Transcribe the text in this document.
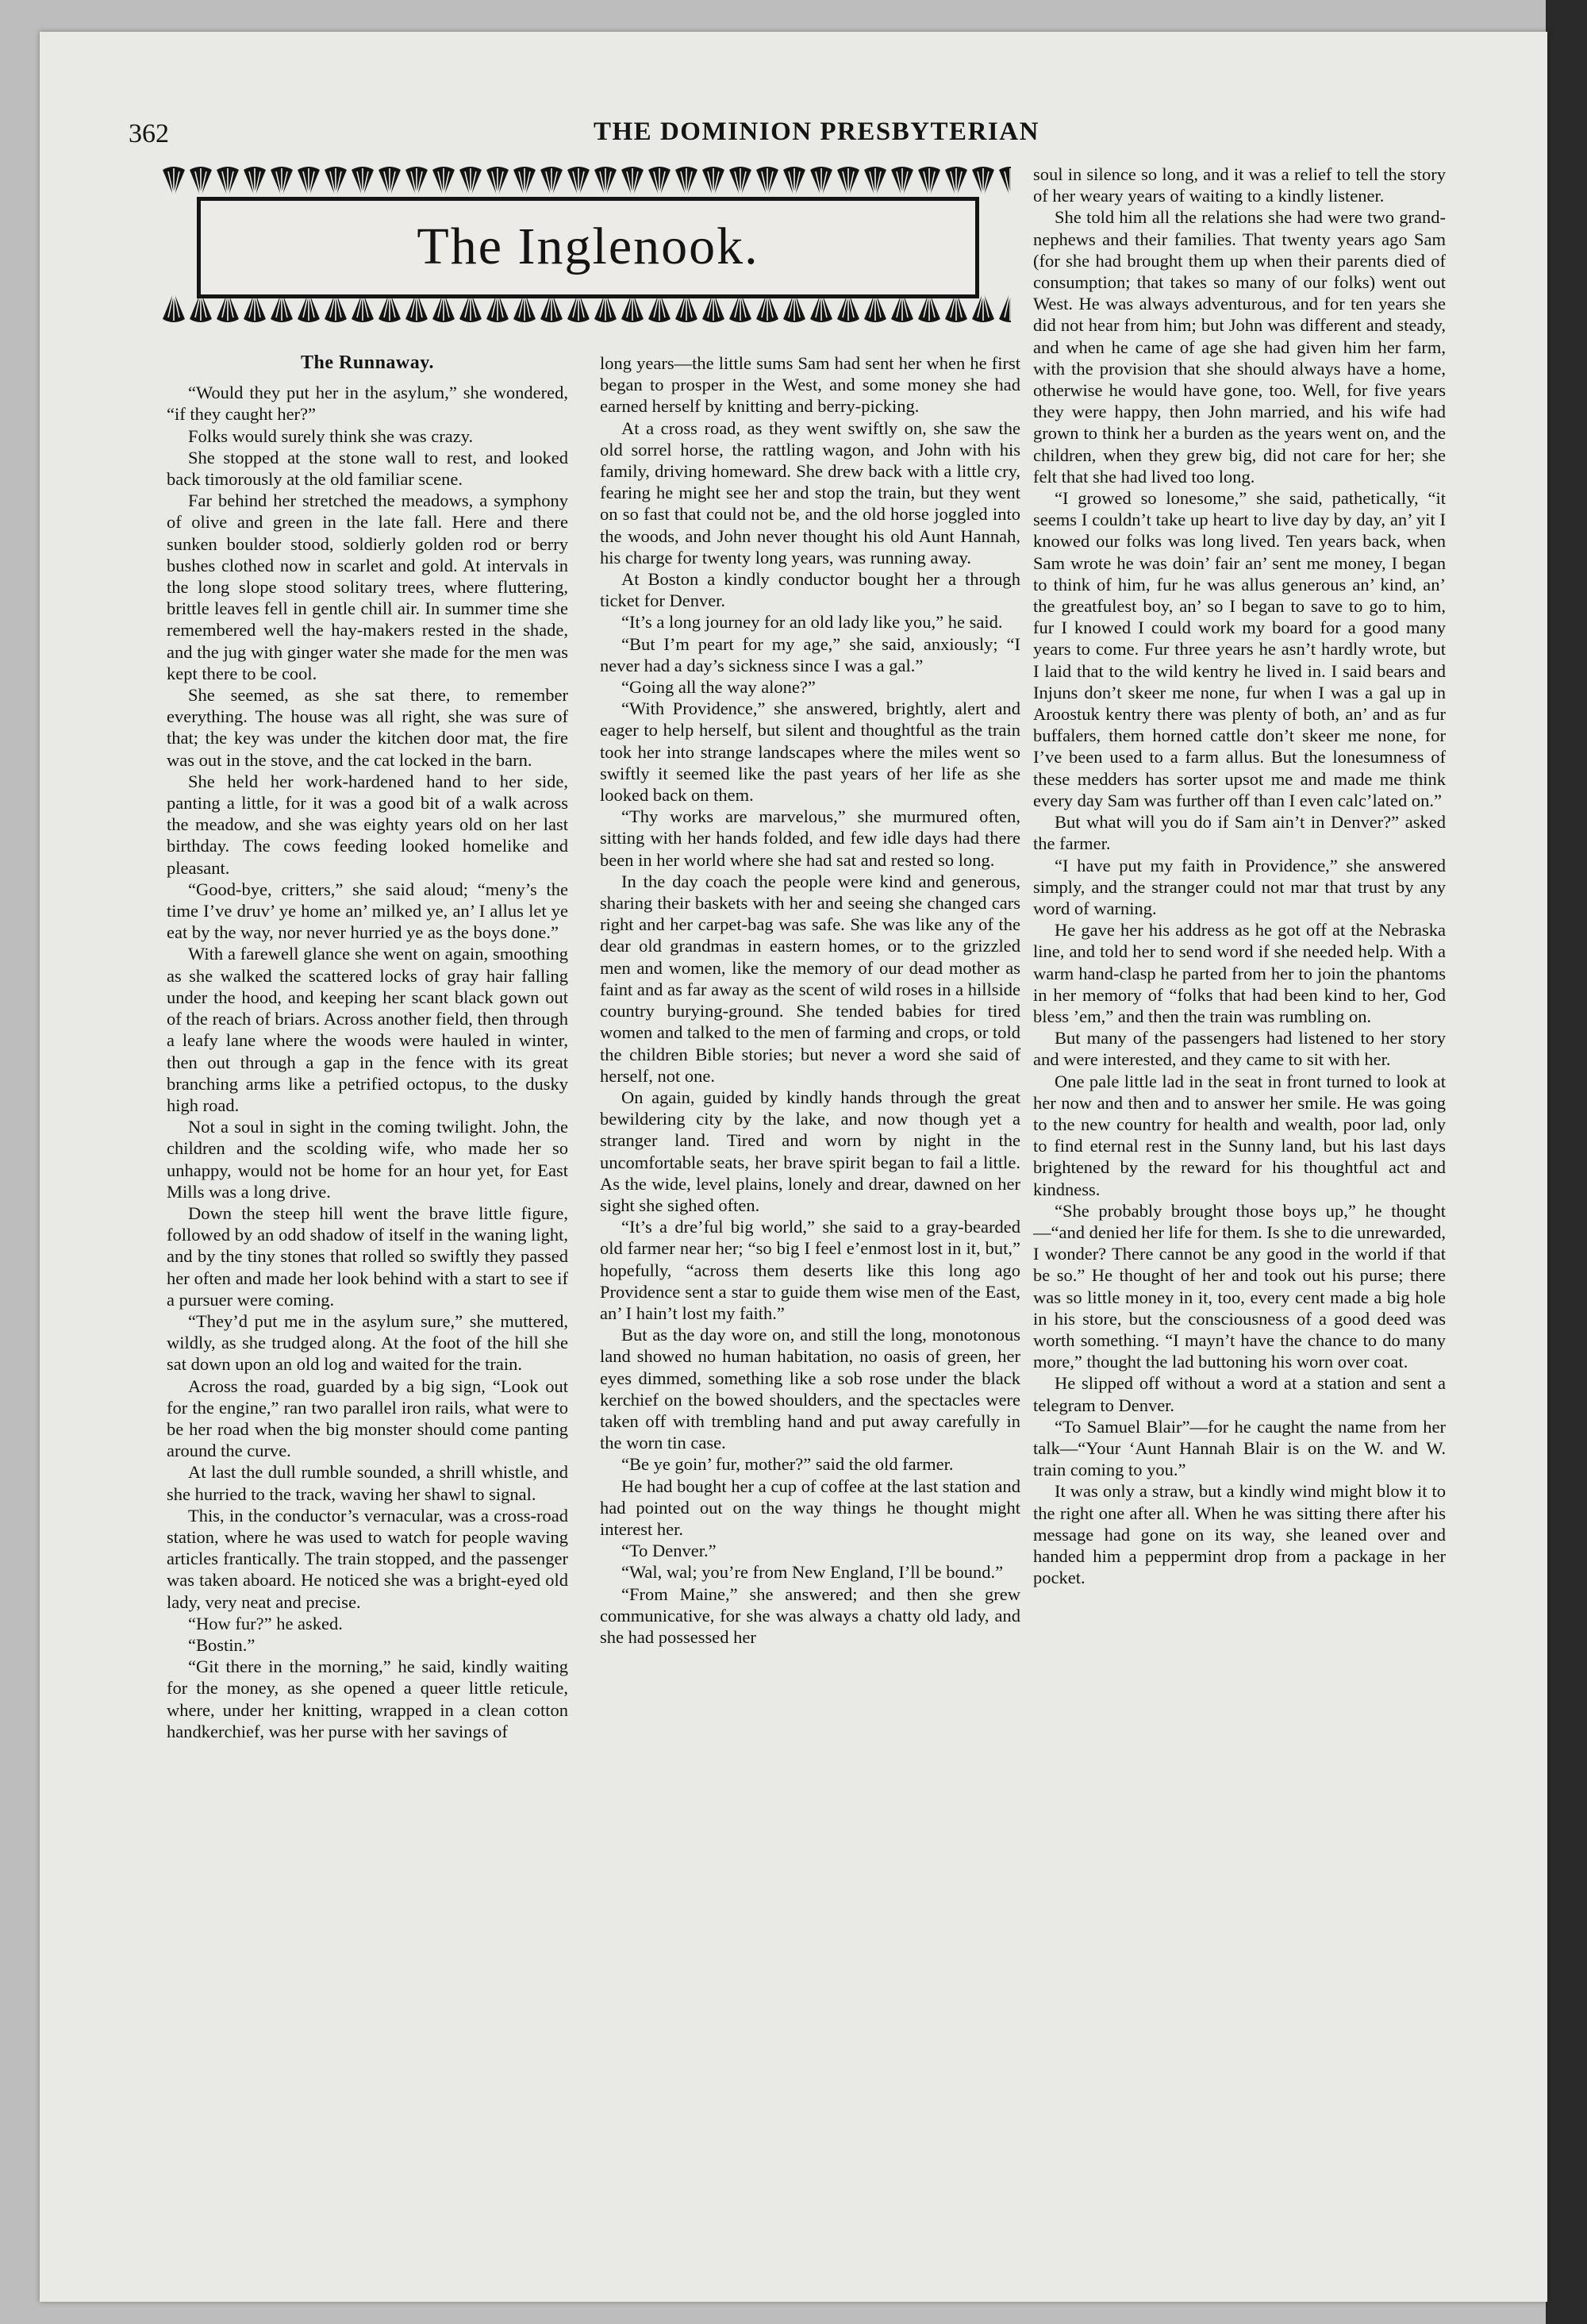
362	THE DOMINION PRESBYTERIAN
The Inglenook.
The Runnaway.

“Would they put her in the asylum,” she wondered, “if they caught her?”

Folks would surely think she was crazy.

She stopped at the stone wall to rest, and looked back timorously at the old familiar scene.

Far behind her stretched the meadows, a symphony of olive and green in the late fall. Here and there sunken boulder stood, soldierly golden rod or berry bushes clothed now in scarlet and gold. At intervals in the long slope stood solitary trees, where fluttering, brittle leaves fell in gentle chill air. In summer time she remembered well the hay-makers rested in the shade, and the jug with ginger water she made for the men was kept there to be cool.

She seemed, as she sat there, to remember everything. The house was all right, she was sure of that; the key was under the kitchen door mat, the fire was out in the stove, and the cat locked in the barn.

She held her work-hardened hand to her side, panting a little, for it was a good bit of a walk across the meadow, and she was eighty years old on her last birthday. The cows feeding looked homelike and pleasant.

“Good-bye, critters,” she said aloud; “meny’s the time I’ve druv’ ye home an’ milked ye, an’ I allus let ye eat by the way, nor never hurried ye as the boys done.”

With a farewell glance she went on again, smoothing as she walked the scattered locks of gray hair falling under the hood, and keeping her scant black gown out of the reach of briars. Across another field, then through a leafy lane where the woods were hauled in winter, then out through a gap in the fence with its great branching arms like a petrified octopus, to the dusky high road.

Not a soul in sight in the coming twilight. John, the children and the scolding wife, who made her so unhappy, would not be home for an hour yet, for East Mills was a long drive.

Down the steep hill went the brave little figure, followed by an odd shadow of itself in the waning light, and by the tiny stones that rolled so swiftly they passed her often and made her look behind with a start to see if a pursuer were coming.

“They’d put me in the asylum sure,” she muttered, wildly, as she trudged along. At the foot of the hill she sat down upon an old log and waited for the train.

Across the road, guarded by a big sign, “Look out for the engine,” ran two parallel iron rails, what were to be her road when the big monster should come panting around the curve.

At last the dull rumble sounded, a shrill whistle, and she hurried to the track, waving her shawl to signal.

This, in the conductor’s vernacular, was a cross-road station, where he was used to watch for people waving articles frantically. The train stopped, and the passenger was taken aboard. He noticed she was a bright-eyed old lady, very neat and precise.

“How fur?” he asked.

“Bostin.”

“Git there in the morning,” he said, kindly waiting for the money, as she opened a queer little reticule, where, under her knitting, wrapped in a clean cotton handkerchief, was her purse with her savings of

long years—the little sums Sam had sent her when he first began to prosper in the West, and some money she had earned herself by knitting and berry-picking.

At a cross road, as they went swiftly on, she saw the old sorrel horse, the rattling wagon, and John with his family, driving homeward. She drew back with a little cry, fearing he might see her and stop the train, but they went on so fast that could not be, and the old horse joggled into the woods, and John never thought his old Aunt Hannah, his charge for twenty long years, was running away.

At Boston a kindly conductor bought her a through ticket for Denver.

“It’s a long journey for an old lady like you,” he said.

“But I’m peart for my age,” she said, anxiously; “I never had a day’s sickness since I was a gal.”

“Going all the way alone?”

“With Providence,” she answered, brightly, alert and eager to help herself, but silent and thoughtful as the train took her into strange landscapes where the miles went so swiftly it seemed like the past years of her life as she looked back on them.

“Thy works are marvelous,” she murmured often, sitting with her hands folded, and few idle days had there been in her world where she had sat and rested so long.

In the day coach the people were kind and generous, sharing their baskets with her and seeing she changed cars right and her carpet-bag was safe. She was like any of the dear old grandmas in eastern homes, or to the grizzled men and women, like the memory of our dead mother as faint and as far away as the scent of wild roses in a hillside country burying-ground. She tended babies for tired women and talked to the men of farming and crops, or told the children Bible stories; but never a word she said of herself, not one.

On again, guided by kindly hands through the great bewildering city by the lake, and now though yet a stranger land. Tired and worn by night in the uncomfortable seats, her brave spirit began to fail a little. As the wide, level plains, lonely and drear, dawned on her sight she sighed often.

“It’s a dre’ful big world,” she said to a gray-bearded old farmer near her; “so big I feel e’enmost lost in it, but,” hopefully, “across them deserts like this long ago Providence sent a star to guide them wise men of the East, an’ I hain’t lost my faith.”

But as the day wore on, and still the long, monotonous land showed no human habitation, no oasis of green, her eyes dimmed, something like a sob rose under the black kerchief on the bowed shoulders, and the spectacles were taken off with trembling hand and put away carefully in the worn tin case.

“Be ye goin’ fur, mother?” said the old farmer.

He had bought her a cup of coffee at the last station and had pointed out on the way things he thought might interest her.

“To Denver.”

“Wal, wal; you’re from New England, I’ll be bound.”

“From Maine,” she answered; and then she grew communicative, for she was always a chatty old lady, and she had possessed her

soul in silence so long, and it was a relief to tell the story of her weary years of waiting to a kindly listener.

She told him all the relations she had were two grand-nephews and their families. That twenty years ago Sam (for she had brought them up when their parents died of consumption; that takes so many of our folks) went out West. He was always adventurous, and for ten years she did not hear from him; but John was different and steady, and when he came of age she had given him her farm, with the provision that she should always have a home, otherwise he would have gone, too. Well, for five years they were happy, then John married, and his wife had grown to think her a burden as the years went on, and the children, when they grew big, did not care for her; she felt that she had lived too long.

“I growed so lonesome,” she said, pathetically, “it seems I couldn’t take up heart to live day by day, an’ yit I knowed our folks was long lived. Ten years back, when Sam wrote he was doin’ fair an’ sent me money, I began to think of him, fur he was allus generous an’ kind, an’ the greatfulest boy, an’ so I began to save to go to him, fur I knowed I could work my board for a good many years to come. Fur three years he asn’t hardly wrote, but I laid that to the wild kentry he lived in. I said bears and Injuns don’t skeer me none, fur when I was a gal up in Aroostuk kentry there was plenty of both, an’ and as fur buffalers, them horned cattle don’t skeer me none, for I’ve been used to a farm allus. But the lonesumness of these medders has sorter upsot me and made me think every day Sam was further off than I even calc’lated on.”

But what will you do if Sam ain’t in Denver?” asked the farmer.

“I have put my faith in Providence,” she answered simply, and the stranger could not mar that trust by any word of warning.

He gave her his address as he got off at the Nebraska line, and told her to send word if she needed help. With a warm hand-clasp he parted from her to join the phantoms in her memory of “folks that had been kind to her, God bless ’em,” and then the train was rumbling on.

But many of the passengers had listened to her story and were interested, and they came to sit with her.

One pale little lad in the seat in front turned to look at her now and then and to answer her smile. He was going to the new country for health and wealth, poor lad, only to find eternal rest in the Sunny land, but his last days brightened by the reward for his thoughtful act and kindness.

“She probably brought those boys up,” he thought—“and denied her life for them. Is she to die unrewarded, I wonder? There cannot be any good in the world if that be so.” He thought of her and took out his purse; there was so little money in it, too, every cent made a big hole in his store, but the consciousness of a good deed was worth something. “I mayn’t have the chance to do many more,” thought the lad buttoning his worn over coat.

He slipped off without a word at a station and sent a telegram to Denver.

“To Samuel Blair”—for he caught the name from her talk—“Your ‘Aunt Hannah Blair is on the W. and W. train coming to you.”

It was only a straw, but a kindly wind might blow it to the right one after all. When he was sitting there after his message had gone on its way, she leaned over and handed him a peppermint drop from a package in her pocket.
